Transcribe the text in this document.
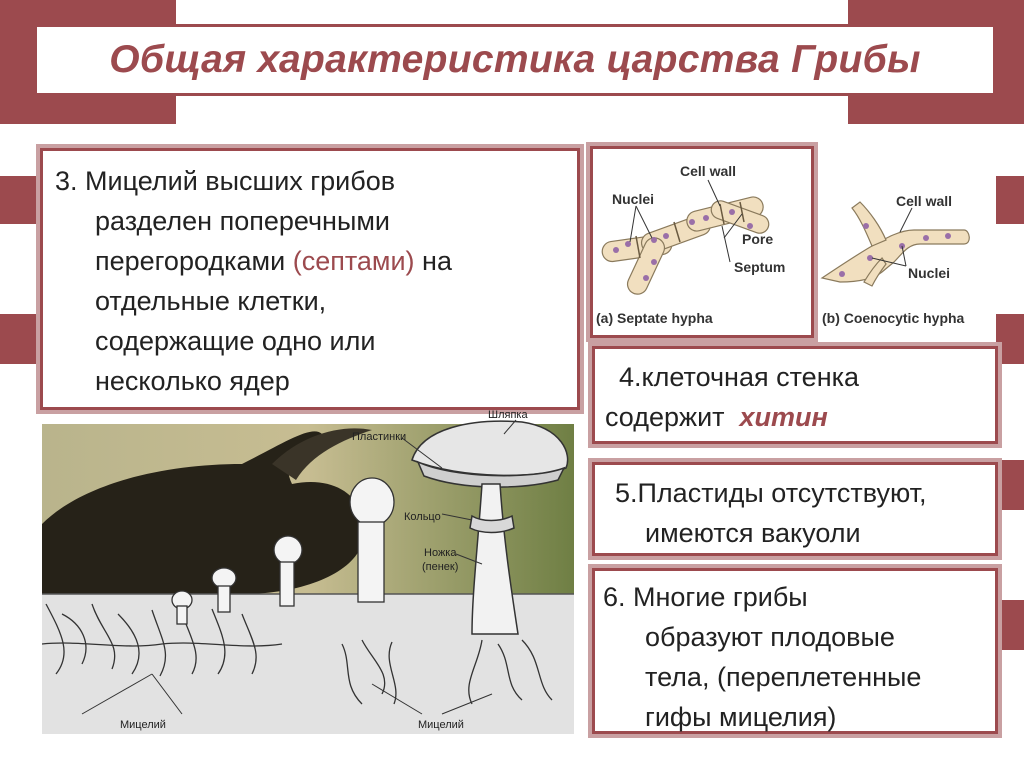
Общая характеристика царства Грибы
3. Мицелий высших грибов
разделен поперечными
перегородками (септами) на
отдельные клетки,
содержащие одно или
несколько ядер
Cell wall
Nuclei
Pore
Septum
(a) Septate hypha
Cell wall
Nuclei
(b) Coenocytic hypha
4.клеточная стенка
содержит  хитин
5.Пластиды отсутствуют,
имеются вакуоли
6. Многие грибы
образуют плодовые
тела, (переплетенные
гифы мицелия)
Шляпка
Пластинки
Кольцо
Ножка
(пенек)
Мицелий	Мицелий
